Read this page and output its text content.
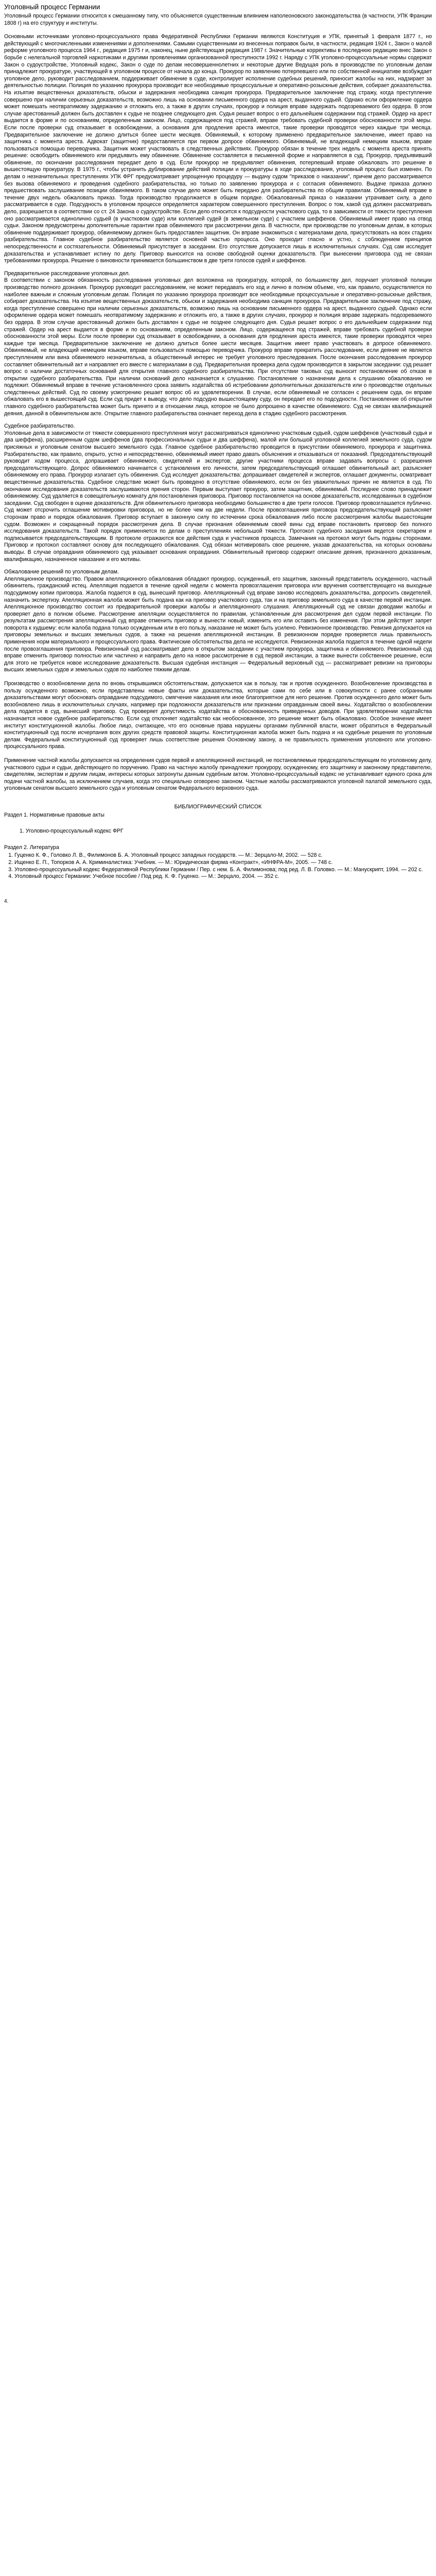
Уголовный процесс Германии

Уголовный процесс Германии относится к смешанному типу, что объясняется существенным влиянием наполеоновского законодательства (в частности, УПК Франции 1808 г) на его структуру и институты.

Основными источниками уголовно-процессуального права Федеративной Республики Германии являются Конституция и УПК, принятый 1 февраля 1877 г., но действующий с многочисленными изменениями и дополнениями. Самыми существенными из внесенных поправок были, в частности, редакция 1924 г., Закон о малой реформе уголовного процесса 1964 г., редакция 1975 г и, наконец, ныне действующая редакция 1987 г. Значительные коррективы в последнюю редакцию внес Закон о борьбе с нелегальной торговлей наркотиками и другими проявлениями организованной преступности 1992 г. Наряду с УПК уголовно-процессуальные нормы содержат Закон о судоустройстве, Уголовный кодекс, Закон о суде по делам несовершеннолетних и некоторые другие Ведущая роль в производстве по уголовным делам принадлежит прокуратуре, участвующей в уголовном процессе от начала до конца. Прокурор по заявлению потерпевшего или по собственной инициативе возбуждает уголовное дело, руководит расследованием, поддерживает обвинение в суде, контролирует исполнение судебных решений, приносит жалобы на них, надзирает за деятельностью полиции. Полиция по указанию прокурора производит все необходимые процессуальные и оперативно-розыскные действия, собирает доказательства. На изъятие вещественных доказательств, обыски и задержания необходима санкция прокурора. Предварительное заключение под стражу, когда преступление совершено при наличии серьезных доказательств, возможно лишь на основании письменного ордера на арест, выданного судьей. Однако если оформление ордера может помешать неотвратимому задержанию и отложить его, а также в других случаях, прокурор и полиция вправе задержать подозреваемого без ордера. В этом случае арестованный должен быть доставлен к судье не позднее следующего дня. Судья решает вопрос о его дальнейшем содержании под стражей. Ордер на арест выдается в форме и по основаниям, определенным законом. Лицо, содержащееся под стражей, вправе требовать судебной проверки обоснованности этой меры. Если после проверки суд отказывает в освобождении, а основания для продления ареста имеются, такие проверки проводятся через каждые три месяца. Предварительное заключение не должно длиться более шести месяцев. Обвиняемый, к которому применено предварительное заключение, имеет право на защитника с момента ареста. Адвокат (защитник) предоставляется при первом допросе обвиняемого. Обвиняемый, не владеющий немецким языком, вправе пользоваться помощью переводчика. Защитник может участвовать в следственных действиях. Прокурор обязан в течение трех недель с момента ареста принять решение: освободить обвиняемого или предъявить ему обвинение. Обвинение составляется в письменной форме и направляется в суд. Прокурор, предъявивший обвинение, по окончании расследования передает дело в суд. Если прокурор не предъявляет обвинения, потерпевший вправе обжаловать это решение в вышестоящую прокуратуру. В 1975 г., чтобы устранить дублирование действий полиции и прокуратуры в ходе расследования, уголовный процесс был изменен. По делам о незначительных преступлениях УПК ФРГ предусматривает упрощенную процедуру — выдачу судом "приказов о наказании", причем дело рассматривается без вызова обвиняемого и проведения судебного разбирательства, но только по заявлению прокурора и с согласия обвиняемого. Выдаче приказа должно предшествовать заслушивание позиции обвиняемого. В таком случае дело может быть передано для разбирательства по общим правилам. Обвиняемый вправе в течение двух недель обжаловать приказ. Тогда производство продолжается в общем порядке. Обжалованный приказ о наказании утрачивает силу, а дело рассматривается в суде. Подсудность в уголовном процессе определяется характером совершенного преступления. Вопрос о том, какой суд должен рассматривать дело, разрешается в соответствии со ст. 24 Закона о судоустройстве. Если дело относится к подсудности участкового суда, то в зависимости от тяжести преступления оно рассматривается единолично судьей (в участковом суде) или коллегией судей (в земельном суде) с участием шеффенов. Обвиняемый имеет право на отвод судьи. Законом предусмотрены дополнительные гарантии прав обвиняемого при рассмотрении дела. В частности, при производстве по уголовным делам, в которых обвинение поддерживает прокурор, обвиняемому должен быть предоставлен защитник. Он вправе знакомиться с материалами дела, присутствовать на всех стадиях разбирательства. Главное судебное разбирательство является основной частью процесса. Оно проходит гласно и устно, с соблюдением принципов непосредственности и состязательности. Обвиняемый присутствует в заседании. Его отсутствие допускается лишь в исключительных случаях. Суд сам исследует доказательства и устанавливает истину по делу. Приговор выносится на основе свободной оценки доказательств. При вынесении приговора суд не связан требованиями прокурора. Решение о виновности принимается большинством в две трети голосов судей и шеффенов.

Предварительное расследование уголовных дел.

В соответствии с законом обязанность расследования уголовных дел возложена на прокуратуру, которой, по большинству дел, поручает уголовной полиции производство полного дознания. Прокурор руководит расследованием, не может передавать его ход и лично в полном объеме, что, как правило, осуществляется по наиболее важным и сложным уголовным делам. Полиция по указанию прокурора производит все необходимые процессуальные и оперативно-розыскные действия, собирает доказательства. На изъятие вещественных доказательств, обыски и задержания необходима санкция прокурора. Предварительное заключение под стражу, когда преступление совершено при наличии серьезных доказательств, возможно лишь на основании письменного ордера на арест, выданного судьей. Однако если оформление ордера может помешать неотвратимому задержанию и отложить его, а также в других случаях, прокурор и полиция вправе задержать подозреваемого без ордера. В этом случае арестованный должен быть доставлен к судье не позднее следующего дня. Судья решает вопрос о его дальнейшем содержании под стражей. Ордер на арест выдается в форме и по основаниям, определенным законом. Лицо, содержащееся под стражей, вправе требовать судебной проверки обоснованности этой меры. Если после проверки суд отказывает в освобождении, а основания для продления ареста имеются, такие проверки проводятся через каждые три месяца. Предварительное заключение не должно длиться более шести месяцев. Защитник имеет право участвовать в допросе обвиняемого. Обвиняемый, не владеющий немецким языком, вправе пользоваться помощью переводчика. Прокурор вправе прекратить расследование, если деяние не является преступлением или вина обвиняемого незначительна, а общественный интерес не требует уголовного преследования. После окончания расследования прокурор составляет обвинительный акт и направляет его вместе с материалами в суд. Предварительная проверка дела судом производится в закрытом заседании: суд решает вопрос о наличии достаточных оснований для открытия главного судебного разбирательства. При отсутствии таковых суд выносит постановление об отказе в открытии судебного разбирательства. При наличии оснований дело назначается к слушанию. Постановление о назначении дела к слушанию обжалованию не подлежит. Обвиняемый вправе в течение установленного срока заявить ходатайства об истребовании дополнительных доказательств или о производстве отдельных следственных действий. Суд по своему усмотрению решает вопрос об их удовлетворении. В случае, если обвиняемый не согласен с решением суда, он вправе обжаловать его в вышестоящий суд. Если суд придет к выводу, что дело подсудно вышестоящему суду, он передает его по подсудности. Постановление об открытии главного судебного разбирательства может быть принято и в отношении лица, которое не было допрошено в качестве обвиняемого. Суд не связан квалификацией деяния, данной в обвинительном акте. Открытие главного разбирательства означает переход дела в стадию судебного рассмотрения.

Судебное разбирательство.

Уголовные дела в зависимости от тяжести совершенного преступления могут рассматриваться единолично участковым судьей, судом шеффенов (участковый судья и два шеффена), расширенным судом шеффенов (два профессиональных судьи и два шеффена), малой или большой уголовной коллегией земельного суда, судом присяжных и уголовным сенатом высшего земельного суда. Главное судебное разбирательство проводится в присутствии обвиняемого, прокурора и защитника. Разбирательство, как правило, открыто, устно и непосредственно, обвиняемый имеет право давать объяснения и отказываться от показаний. Председательствующий руководит ходом процесса, допрашивает обвиняемого, свидетелей и экспертов; другие участники процесса вправе задавать вопросы с разрешения председательствующего. Допрос обвиняемого начинается с установления его личности, затем председательствующий оглашает обвинительный акт, разъясняет обвиняемому его права. Прокурор излагает суть обвинения. Суд исследует доказательства: допрашивает свидетелей и экспертов, оглашает документы, осматривает вещественные доказательства. Судебное следствие может быть проведено в отсутствие обвиняемого, если он без уважительных причин не является в суд. По окончании исследования доказательств заслушиваются прения сторон. Первым выступает прокурор, затем защитник, обвиняемый. Последнее слово принадлежит обвиняемому. Суд удаляется в совещательную комнату для постановления приговора. Приговор постановляется на основе доказательств, исследованных в судебном заседании. Суд свободен в оценке доказательств. Для обвинительного приговора необходимо большинство в две трети голосов. Приговор провозглашается публично. Суд может отсрочить оглашение мотивировки приговора, но не более чем на две недели. После провозглашения приговора председательствующий разъясняет сторонам право и порядок обжалования. Приговор вступает в законную силу по истечении срока обжалования либо после рассмотрения жалобы вышестоящим судом. Возможен и сокращенный порядок рассмотрения дела. В случае признания обвиняемым своей вины суд вправе постановить приговор без полного исследования доказательств. Такой порядок применяется по делам о преступлениях небольшой тяжести. Протокол судебного заседания ведется секретарем и подписывается председательствующим. В протоколе отражаются все действия суда и участников процесса. Замечания на протокол могут быть поданы сторонами. Приговор и протокол составляют основу для последующего обжалования. Суд обязан мотивировать свое решение, указав доказательства, на которых основаны выводы. В случае оправдания обвиняемого суд указывает основания оправдания. Обвинительный приговор содержит описание деяния, признанного доказанным, квалификацию, назначенное наказание и его мотивы.

Обжалование решений по уголовным делам.

Апелляционное производство. Правом апелляционного обжалования обладают прокурор, осужденный, его защитник, законный представитель осужденного, частный обвинитель, гражданский истец. Апелляция подается в течение одной недели с момента провозглашения приговора или вручения соответствующего на выходные подсудимому копии приговора. Жалоба подается в суд, вынесший приговор. Апелляционный суд вправе заново исследовать доказательства, допросить свидетелей, назначить экспертизу. Апелляционная жалоба может быть подана как на приговор участкового суда, так и на приговор земельного суда в качестве первой инстанции. Апелляционное производство состоит из предварительной проверки жалобы и апелляционного слушания. Апелляционный суд не связан доводами жалобы и проверяет дело в полном объеме. Рассмотрение апелляции осуществляется по правилам, установленным для рассмотрения дел судом первой инстанции. По результатам рассмотрения апелляционный суд вправе отменить приговор и вынести новый, изменить его или оставить без изменения. При этом действует запрет поворота к худшему: если жалоба подана только осужденным или в его пользу, наказание не может быть усилено. Ревизионное производство. Ревизия допускается на приговоры земельных и высших земельных судов, а также на решения апелляционной инстанции. В ревизионном порядке проверяется лишь правильность применения норм материального и процессуального права. Фактические обстоятельства дела не исследуются. Ревизионная жалоба подается в течение одной недели после провозглашения приговора. Ревизионный суд рассматривает дело в открытом заседании с участием прокурора, защитника и обвиняемого. Ревизионный суд вправе отменить приговор полностью или частично и направить дело на новое рассмотрение в суд первой инстанции, а также вынести собственное решение, если для этого не требуется новое исследование доказательств. Высшая судебная инстанция — Федеральный верховный суд — рассматривает ревизии на приговоры высших земельных судов и земельных судов по наиболее тяжким делам.

Производство о возобновлении дела по вновь открывшимся обстоятельствам, допускается как в пользу, так и против осужденного. Возобновление производства в пользу осужденного возможно, если представлены новые факты или доказательства, которые сами по себе или в совокупности с ранее собранными доказательствами могут обосновать оправдание подсудимого, смягчение наказания или иное благоприятное для него решение. Против осужденного дело может быть возобновлено лишь в исключительных случаях, например при подложности доказательств или признании оправданным своей вины. Ходатайство о возобновлении дела подается в суд, вынесший приговор. Суд проверяет допустимость ходатайства и обоснованность приведенных доводов. При удовлетворении ходатайства назначается новое судебное разбирательство. Если суд отклоняет ходатайство как необоснованное, это решение может быть обжаловано. Особое значение имеет институт конституционной жалобы. Любое лицо, считающее, что его основные права нарушены органами публичной власти, может обратиться в Федеральный конституционный суд после исчерпания всех других средств правовой защиты. Конституционная жалоба может быть подана и на судебные решения по уголовным делам. Федеральный конституционный суд проверяет лишь соответствие решения Основному закону, а не правильность применения уголовного или уголовно-процессуального права.

Применение частной жалобы допускается на определения судов первой и апелляционной инстанций, не постановляемые председательствующим по уголовному делу, участкового судьи и судьи, действующего по поручению. Право на частную жалобу принадлежит прокурору, осужденному, его защитнику и законному представителю, свидетелям, экспертам и другим лицам, интересы которых затронуты данным судебным актом. Уголовно-процессуальный кодекс не устанавливает единого срока для подачи частной жалобы, за исключением случаев, когда это специально оговорено законом. Частные жалобы рассматриваются уголовной палатой земельного суда, уголовным сенатом высшего земельного суда и уголовным сенатом Федерального верховного суда.

БИБЛИОГРАФИЧЕСКИЙ СПИСОК
Раздел 1. Нормативные правовые акты
1. Уголовно-процессуальный кодекс ФРГ
Раздел 2. Литература
1. Гуценко К. Ф., Головко Л. В., Филимонов Б. А. Уголовный процесс западных государств. — М.: Зерцало-М, 2002. — 528 с.
2. Ищенко Е. П., Топорков А. А. Криминалистика: Учебник. — М.: Юридическая фирма «Контракт», «ИНФРА-М», 2005. — 748 с.
3. Уголовно-процессуальный кодекс Федеративной Республики Германии / Пер. с нем. Б. А. Филимонова; под ред. Л. В. Головко. — М.: Манускрипт, 1994. — 202 с.
4. Уголовный процесс Германии: Учебное пособие / Под ред. К. Ф. Гуценко. — М.: Зерцало, 2004. — 352 с.
4.
